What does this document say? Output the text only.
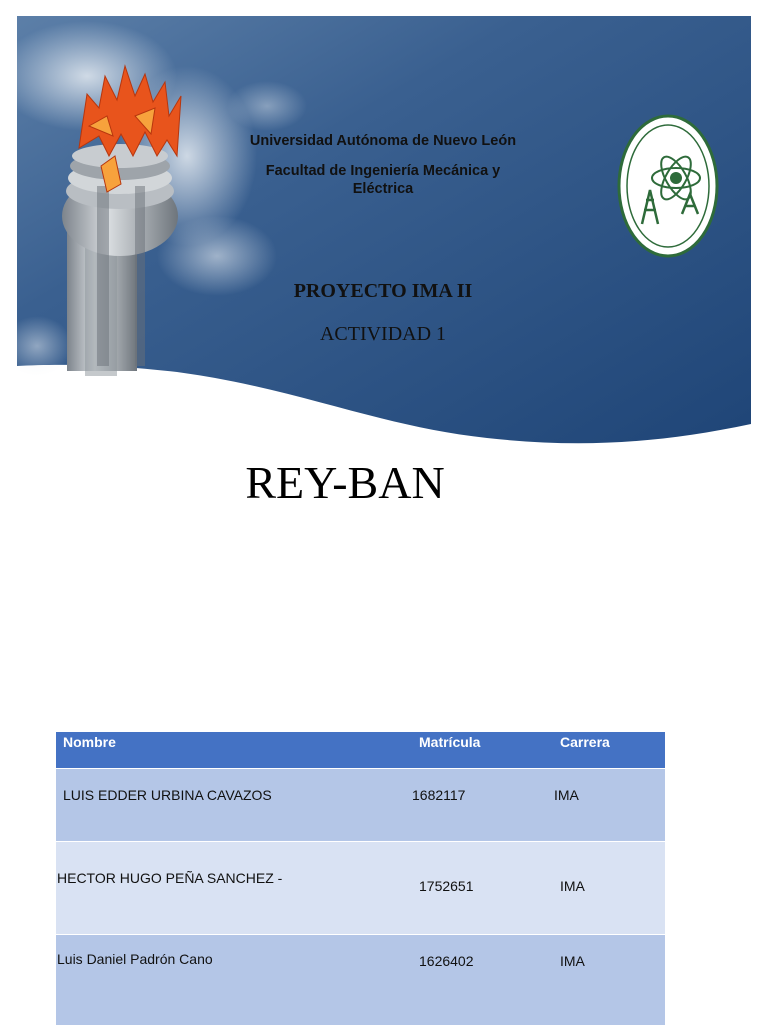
Universidad Autónoma de Nuevo León
Facultad de Ingeniería Mecánica y Eléctrica
PROYECTO IMA II
ACTIVIDAD 1
REY-BAN
Nombre	Matrícula	Carrera
LUIS EDDER URBINA CAVAZOS	1682117	IMA
HECTOR HUGO PEÑA SANCHEZ -	1752651	IMA
Luis Daniel Padrón Cano	1626402	IMA
